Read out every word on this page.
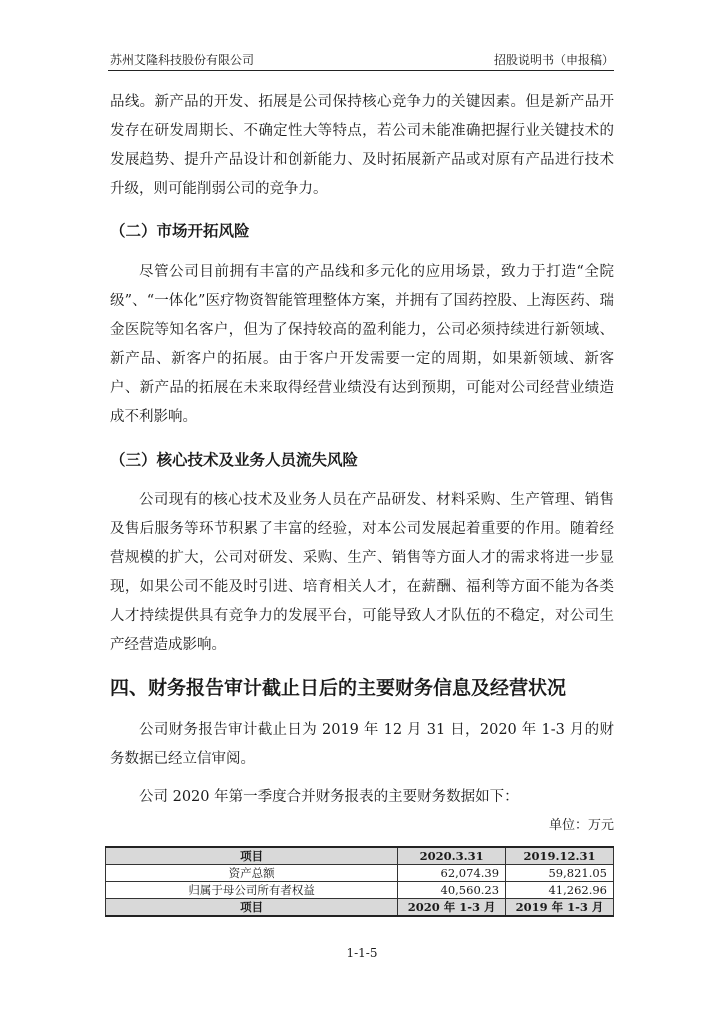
苏州艾隆科技股份有限公司	招股说明书（申报稿）

品线。新产品的开发、拓展是公司保持核心竞争力的关键因素。但是新产品开发存在研发周期长、不确定性大等特点，若公司未能准确把握行业关键技术的发展趋势、提升产品设计和创新能力、及时拓展新产品或对原有产品进行技术升级，则可能削弱公司的竞争力。

（二）市场开拓风险

尽管公司目前拥有丰富的产品线和多元化的应用场景，致力于打造“全院级”、“一体化”医疗物资智能管理整体方案，并拥有了国药控股、上海医药、瑞金医院等知名客户，但为了保持较高的盈利能力，公司必须持续进行新领域、新产品、新客户的拓展。由于客户开发需要一定的周期，如果新领域、新客户、新产品的拓展在未来取得经营业绩没有达到预期，可能对公司经营业绩造成不利影响。

（三）核心技术及业务人员流失风险

公司现有的核心技术及业务人员在产品研发、材料采购、生产管理、销售及售后服务等环节积累了丰富的经验，对本公司发展起着重要的作用。随着经营规模的扩大，公司对研发、采购、生产、销售等方面人才的需求将进一步显现，如果公司不能及时引进、培育相关人才，在薪酬、福利等方面不能为各类人才持续提供具有竞争力的发展平台，可能导致人才队伍的不稳定，对公司生产经营造成影响。

四、财务报告审计截止日后的主要财务信息及经营状况

公司财务报告审计截止日为 2019 年 12 月 31 日，2020 年 1-3 月的财务数据已经立信审阅。

公司 2020 年第一季度合并财务报表的主要财务数据如下：

单位：万元
项目	2020.3.31	2019.12.31
资产总额	62,074.39	59,821.05
归属于母公司所有者权益	40,560.23	41,262.96
项目	2020 年 1-3 月	2019 年 1-3 月
1-1-5
